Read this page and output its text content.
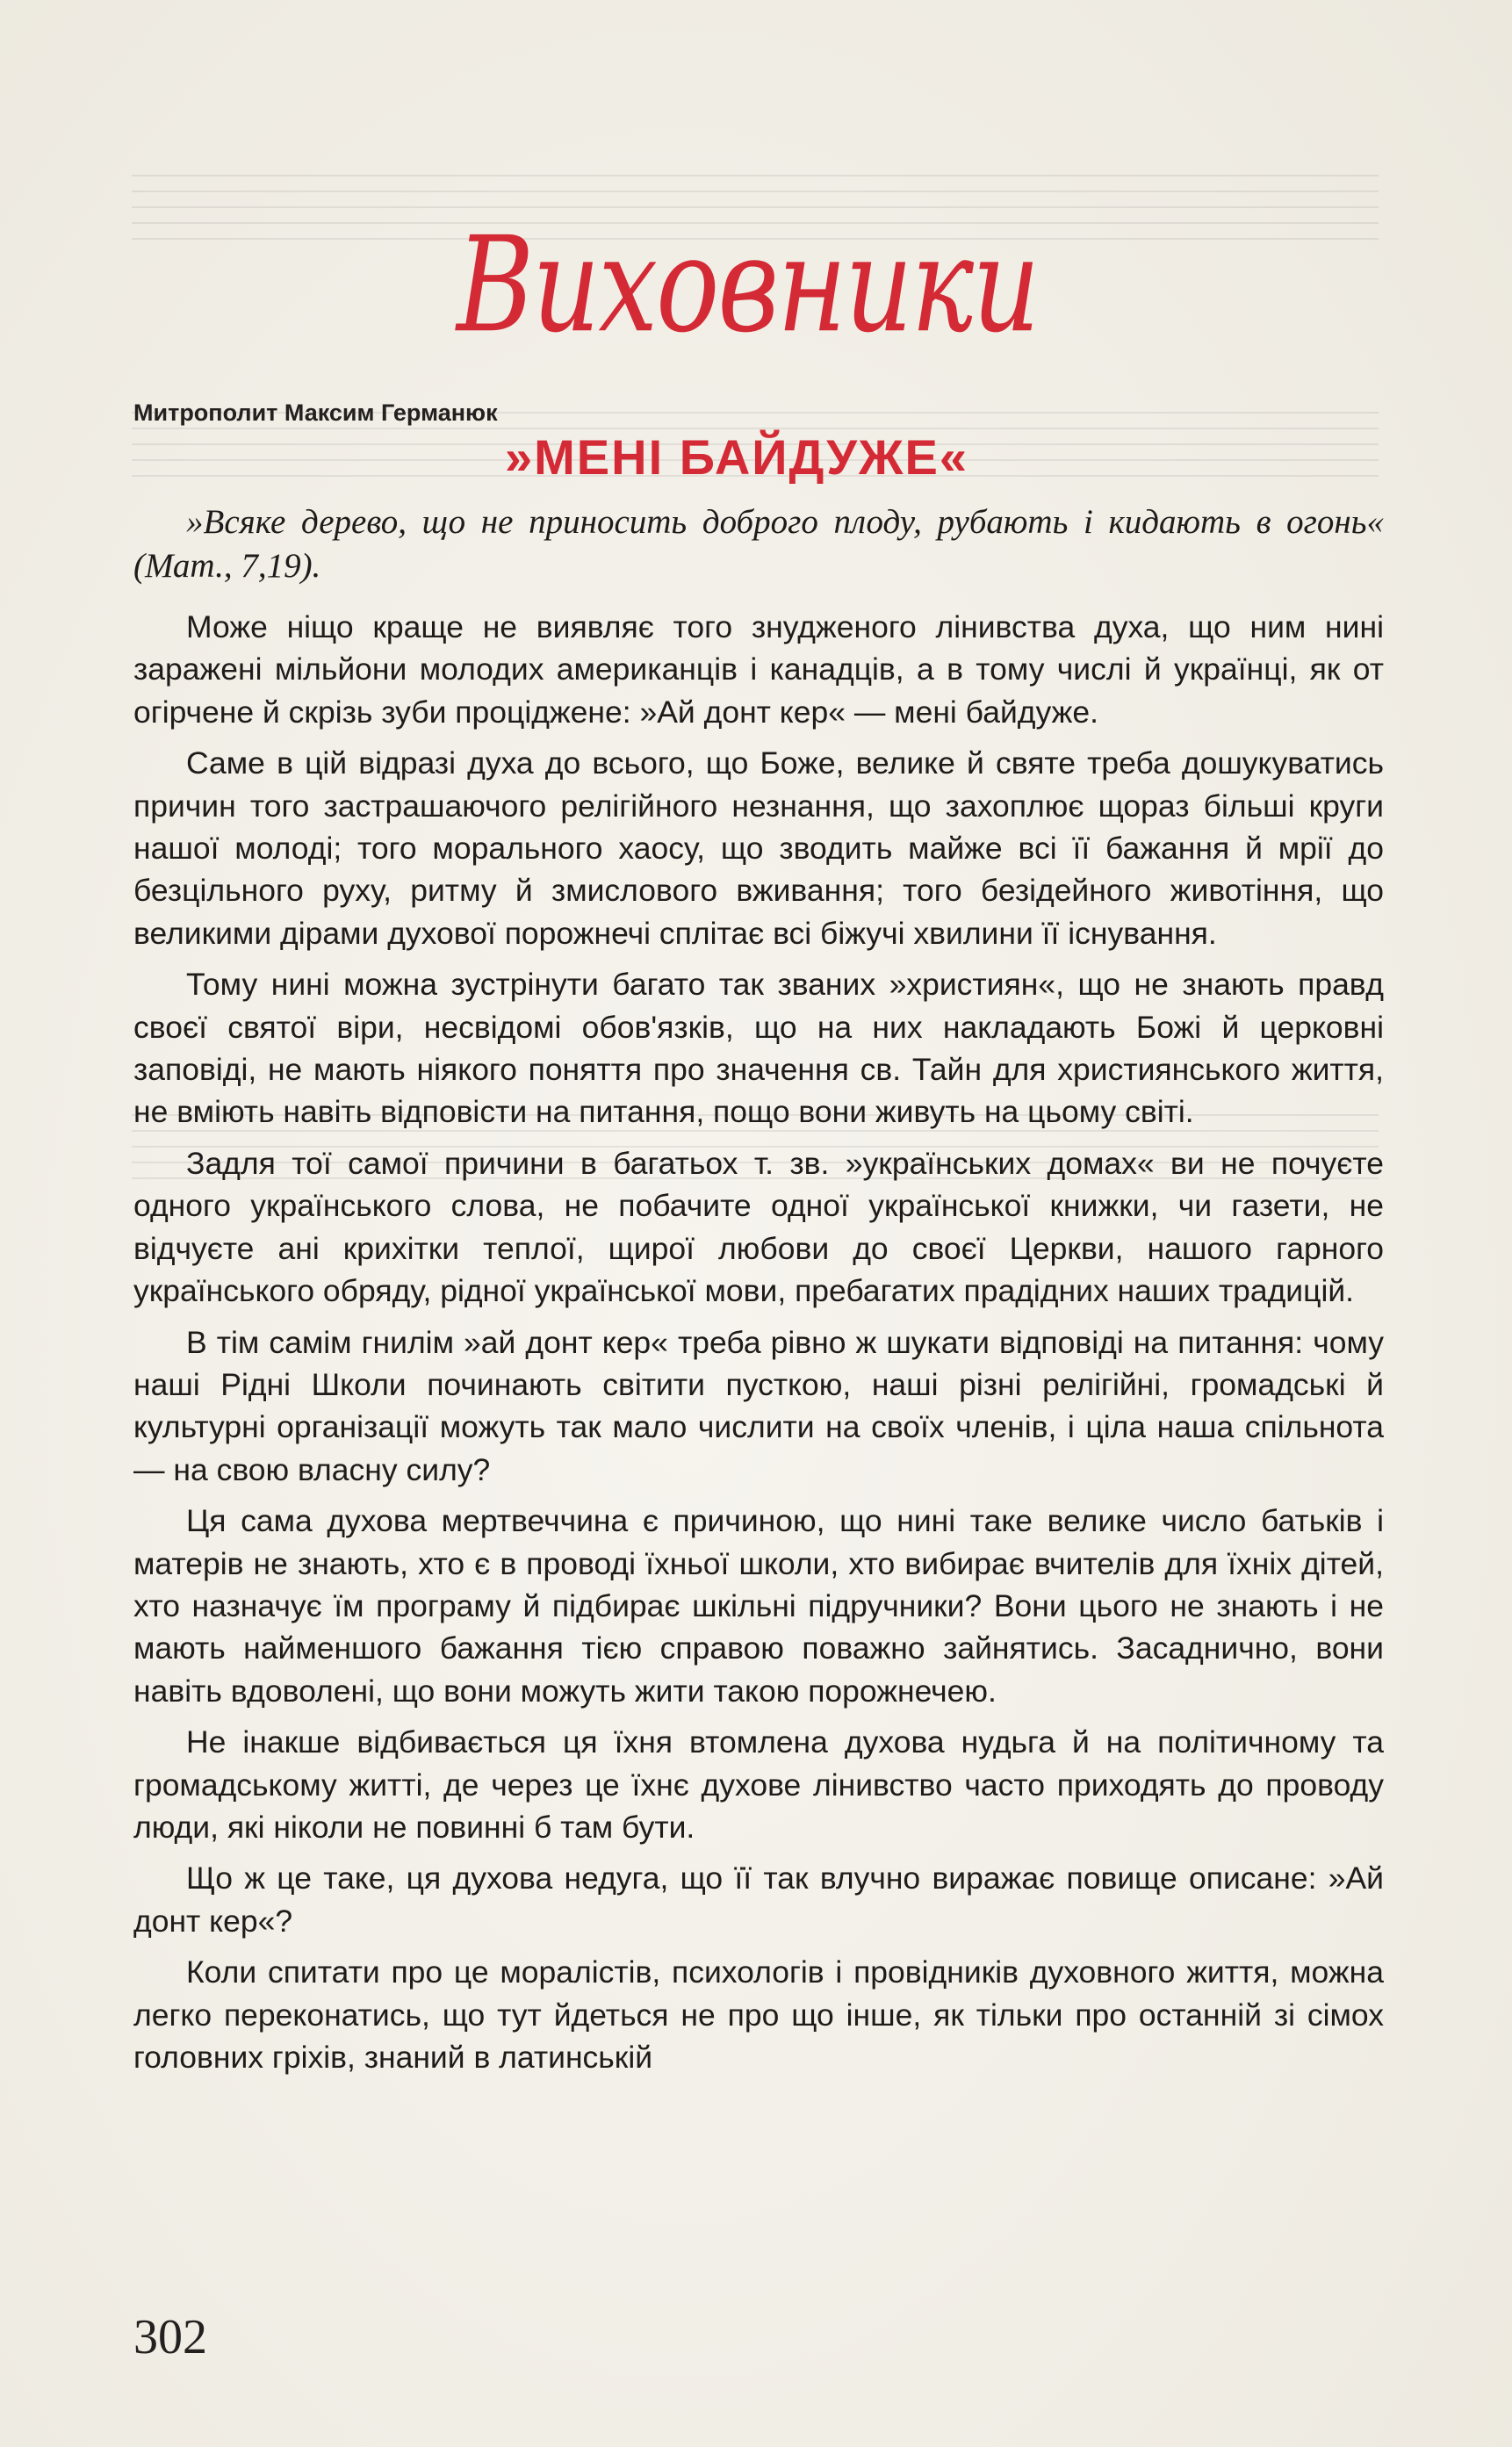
Виховники
Митрополит Максим Германюк
»МЕНІ БАЙДУЖЕ«

»Всяке дерево, що не приносить доброго плоду, рубають і кидають в огонь« (Мат., 7,19).

Може ніщо краще не виявляє того знудженого лінивства духа, що ним нині заражені мільйони молодих американців і канадців, а в тому числі й українці, як от огірчене й скрізь зуби проціджене: »Ай донт кер« — мені байдуже.

Саме в цій відразі духа до всього, що Боже, велике й святе треба дошукуватись причин того застрашаючого релігійного незнання, що захоплює щораз більші круги нашої молоді; того морального хаосу, що зводить майже всі її бажання й мрії до безцільного руху, ритму й змислового вживання; того безідейного животіння, що великими дірами духової порожнечі сплітає всі біжучі хвилини її існування.

Тому нині можна зустрінути багато так званих »християн«, що не знають правд своєї святої віри, несвідомі обов'язків, що на них накладають Божі й церковні заповіді, не мають ніякого поняття про значення св. Тайн для християнського життя, не вміють навіть відповісти на питання, пощо вони живуть на цьому світі.

Задля тої самої причини в багатьох т. зв. »українських домах« ви не почуєте одного українського слова, не побачите одної української книжки, чи газети, не відчуєте ані крихітки теплої, щирої любови до своєї Церкви, нашого гарного українського обряду, рідної української мови, пребагатих прадідних наших традицій.

В тім самім гнилім »ай донт кер« треба рівно ж шукати відповіді на питання: чому наші Рідні Школи починають світити пусткою, наші різні релігійні, громадські й культурні організації можуть так мало числити на своїх членів, і ціла наша спільнота — на свою власну силу?

Ця сама духова мертвеччина є причиною, що нині таке велике число батьків і матерів не знають, хто є в проводі їхньої школи, хто вибирає вчителів для їхніх дітей, хто назначує їм програму й підбирає шкільні підручники? Вони цього не знають і не мають найменшого бажання тією справою поважно зайнятись. Засаднично, вони навіть вдоволені, що вони можуть жити такою порожнечею.

Не інакше відбивається ця їхня втомлена духова нудьга й на політичному та громадському житті, де через це їхнє духове лінивство часто приходять до проводу люди, які ніколи не повинні б там бути.

Що ж це таке, ця духова недуга, що її так влучно виражає повище описане: »Ай донт кер«?

Коли спитати про це моралістів, психологів і провідників духовного життя, можна легко переконатись, що тут йдеться не про що інше, як тільки про останній зі сімох головних гріхів, знаний в латинській

302
